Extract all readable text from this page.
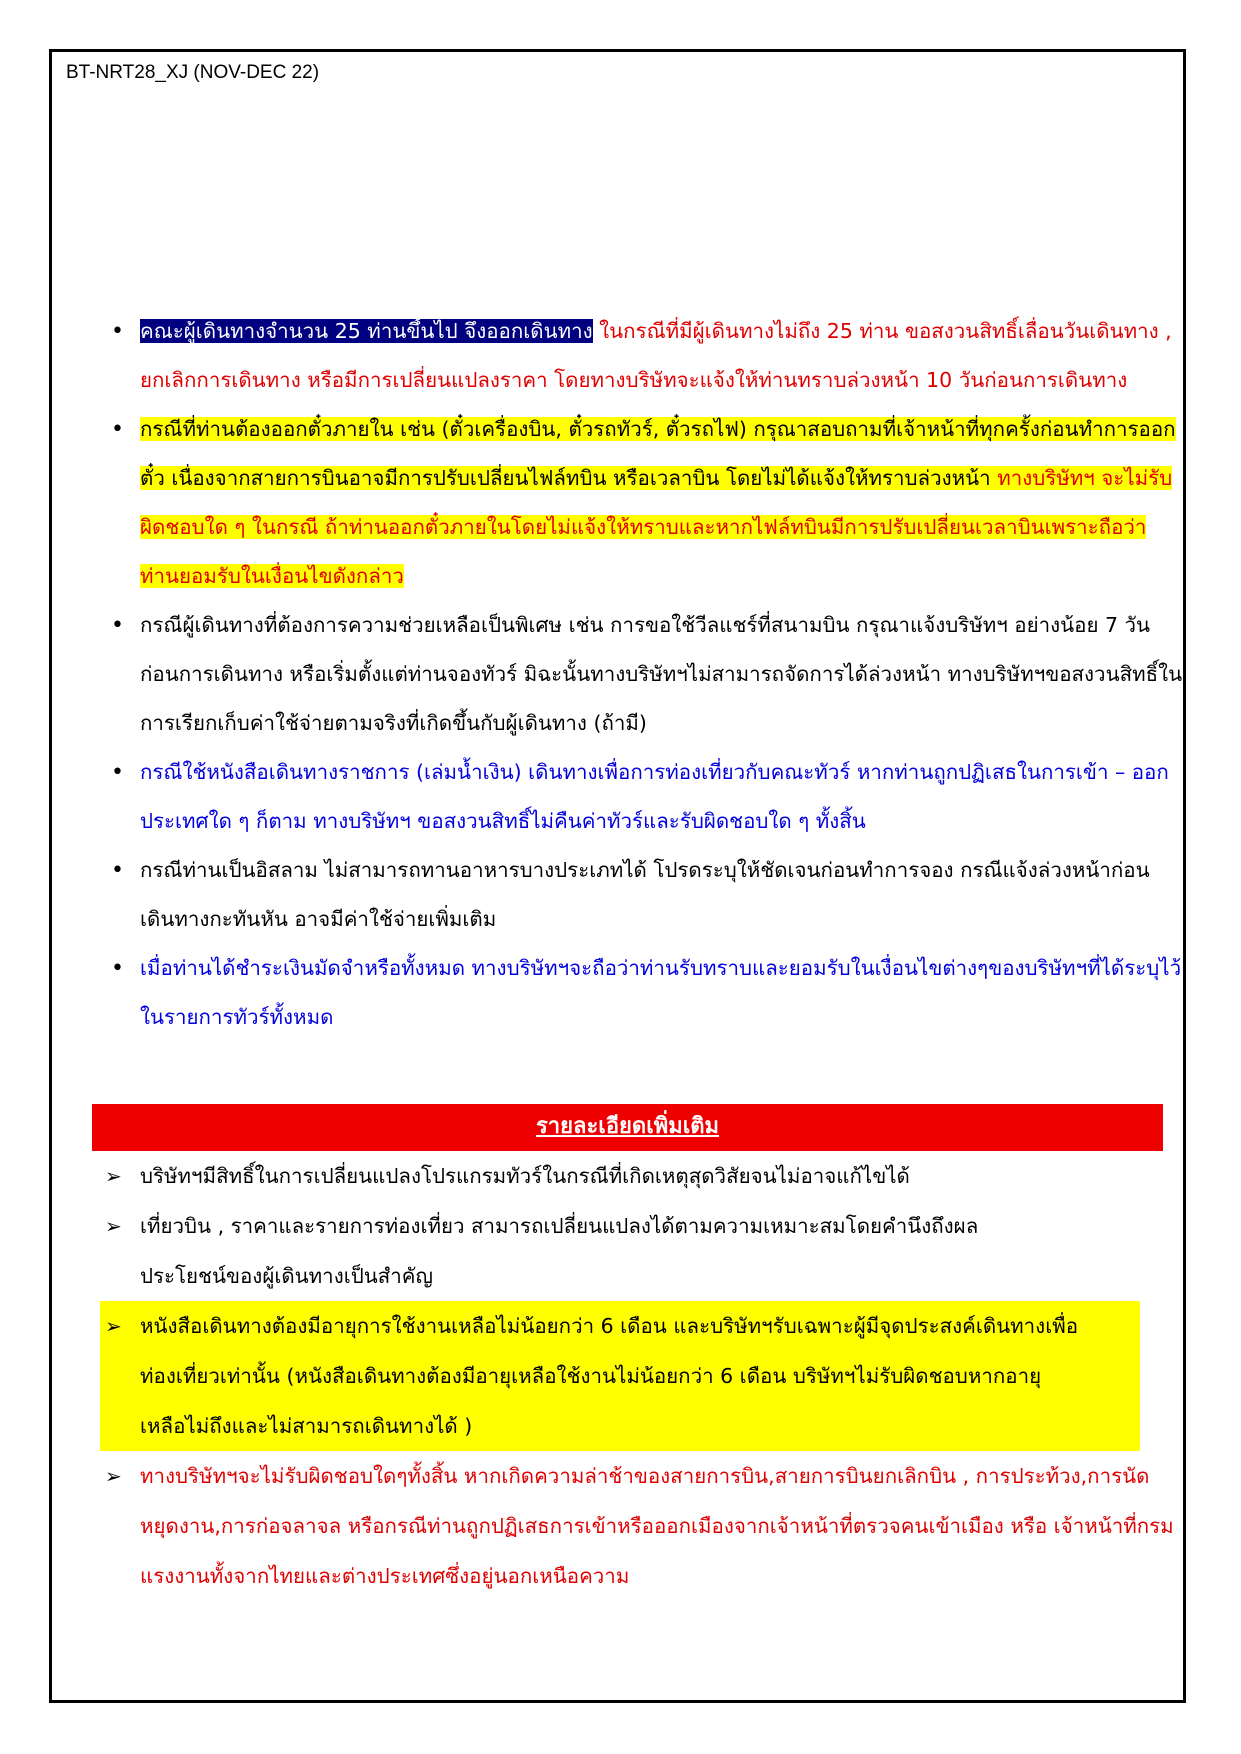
BT-NRT28_XJ (NOV-DEC 22)
• คณะผู้เดินทางจำนวน 25 ท่านขึ้นไป จึงออกเดินทาง ในกรณีที่มีผู้เดินทางไม่ถึง 25 ท่าน ขอสงวนสิทธิ์เลื่อนวันเดินทาง , ยกเลิกการเดินทาง หรือมีการเปลี่ยนแปลงราคา โดยทางบริษัทจะแจ้งให้ท่านทราบล่วงหน้า 10 วันก่อนการเดินทาง
• กรณีที่ท่านต้องออกตั๋วภายใน เช่น (ตั๋วเครื่องบิน, ตั๋วรถทัวร์, ตั๋วรถไฟ) กรุณาสอบถามที่เจ้าหน้าที่ทุกครั้งก่อนทำการออกตั๋ว เนื่องจากสายการบินอาจมีการปรับเปลี่ยนไฟล์ทบิน หรือเวลาบิน โดยไม่ได้แจ้งให้ทราบล่วงหน้า ทางบริษัทฯ จะไม่รับผิดชอบใด ๆ ในกรณี ถ้าท่านออกตั๋วภายในโดยไม่แจ้งให้ทราบและหากไฟล์ทบินมีการปรับเปลี่ยนเวลาบินเพราะถือว่าท่านยอมรับในเงื่อนไขดังกล่าว
• กรณีผู้เดินทางที่ต้องการความช่วยเหลือเป็นพิเศษ เช่น การขอใช้วีลแชร์ที่สนามบิน กรุณาแจ้งบริษัทฯ อย่างน้อย 7 วันก่อนการเดินทาง หรือเริ่มตั้งแต่ท่านจองทัวร์ มิฉะนั้นทางบริษัทฯไม่สามารถจัดการได้ล่วงหน้า ทางบริษัทฯขอสงวนสิทธิ์ในการเรียกเก็บค่าใช้จ่ายตามจริงที่เกิดขึ้นกับผู้เดินทาง (ถ้ามี)
• กรณีใช้หนังสือเดินทางราชการ (เล่มน้ำเงิน) เดินทางเพื่อการท่องเที่ยวกับคณะทัวร์ หากท่านถูกปฏิเสธในการเข้า – ออกประเทศใด ๆ ก็ตาม ทางบริษัทฯ ขอสงวนสิทธิ์ไม่คืนค่าทัวร์และรับผิดชอบใด ๆ ทั้งสิ้น
• กรณีท่านเป็นอิสลาม ไม่สามารถทานอาหารบางประเภทได้ โปรดระบุให้ชัดเจนก่อนทำการจอง กรณีแจ้งล่วงหน้าก่อนเดินทางกะทันหัน อาจมีค่าใช้จ่ายเพิ่มเติม
• เมื่อท่านได้ชำระเงินมัดจำหรือทั้งหมด ทางบริษัทฯจะถือว่าท่านรับทราบและยอมรับในเงื่อนไขต่างๆของบริษัทฯที่ได้ระบุไว้ในรายการทัวร์ทั้งหมด
รายละเอียดเพิ่มเติม
➢ บริษัทฯมีสิทธิ์ในการเปลี่ยนแปลงโปรแกรมทัวร์ในกรณีที่เกิดเหตุสุดวิสัยจนไม่อาจแก้ไขได้
➢ เที่ยวบิน , ราคาและรายการท่องเที่ยว สามารถเปลี่ยนแปลงได้ตามความเหมาะสมโดยคำนึงถึงผลประโยชน์ของผู้เดินทางเป็นสำคัญ
➢ หนังสือเดินทางต้องมีอายุการใช้งานเหลือไม่น้อยกว่า 6 เดือน และบริษัทฯรับเฉพาะผู้มีจุดประสงค์เดินทางเพื่อท่องเที่ยวเท่านั้น (หนังสือเดินทางต้องมีอายุเหลือใช้งานไม่น้อยกว่า 6 เดือน บริษัทฯไม่รับผิดชอบหากอายุเหลือไม่ถึงและไม่สามารถเดินทางได้ )
➢ ทางบริษัทฯจะไม่รับผิดชอบใดๆทั้งสิ้น หากเกิดความล่าช้าของสายการบิน,สายการบินยกเลิกบิน , การประท้วง,การนัดหยุดงาน,การก่อจลาจล หรือกรณีท่านถูกปฏิเสธการเข้าหรือออกเมืองจากเจ้าหน้าที่ตรวจคนเข้าเมือง หรือ เจ้าหน้าที่กรมแรงงานทั้งจากไทยและต่างประเทศซึ่งอยู่นอกเหนือความ
